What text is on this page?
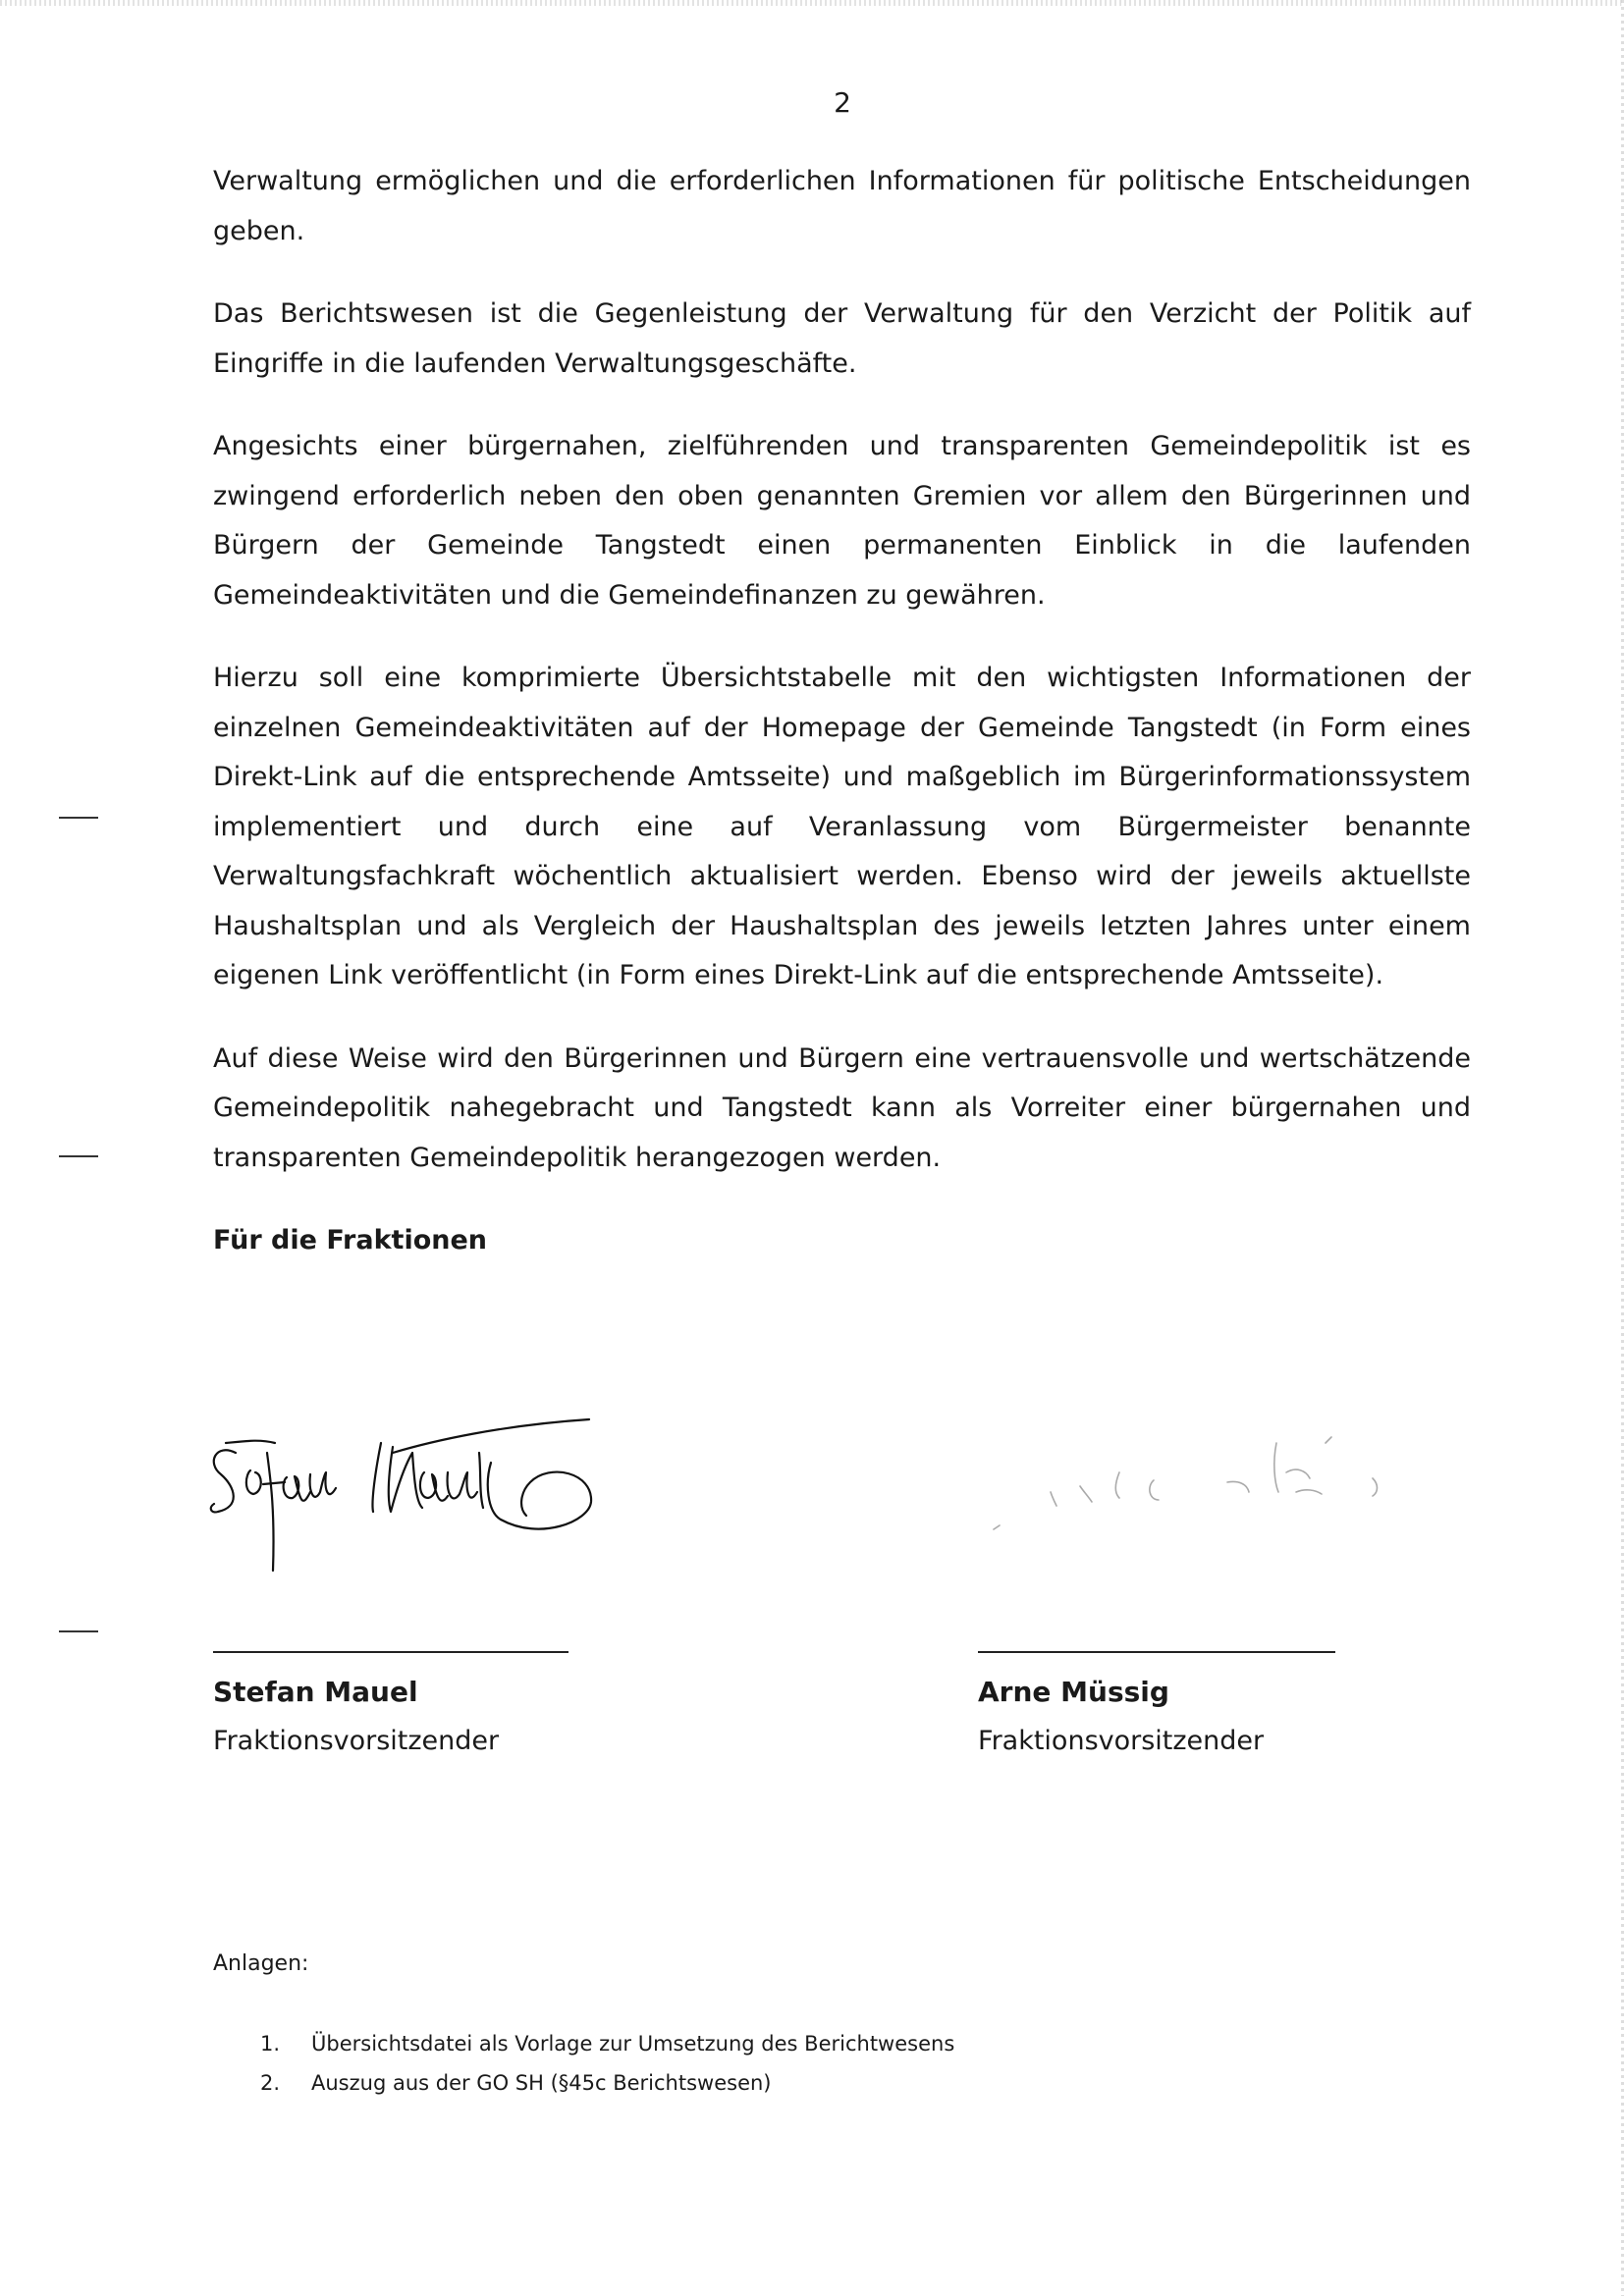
2

Verwaltung ermöglichen und die erforderlichen Informationen für politische Entscheidungen geben.

Das Berichtswesen ist die Gegenleistung der Verwaltung für den Verzicht der Politik auf Eingriffe in die laufenden Verwaltungsgeschäfte.

Angesichts einer bürgernahen, zielführenden und transparenten Gemeindepolitik ist es zwingend erforderlich neben den oben genannten Gremien vor allem den Bürgerinnen und Bürgern der Gemeinde Tangstedt einen permanenten Einblick in die laufenden Gemeindeaktivitäten und die Gemeindefinanzen zu gewähren.

Hierzu soll eine komprimierte Übersichtstabelle mit den wichtigsten Informationen der einzelnen Gemeindeaktivitäten auf der Homepage der Gemeinde Tangstedt (in Form eines Direkt-Link auf die entsprechende Amtsseite) und maßgeblich im Bürgerinformationssystem implementiert und durch eine auf Veranlassung vom Bürgermeister benannte Verwaltungsfachkraft wöchentlich aktualisiert werden. Ebenso wird der jeweils aktuellste Haushaltsplan und als Vergleich der Haushaltsplan des jeweils letzten Jahres unter einem eigenen Link veröffentlicht (in Form eines Direkt-Link auf die entsprechende Amtsseite).

Auf diese Weise wird den Bürgerinnen und Bürgern eine vertrauensvolle und wertschätzende Gemeindepolitik nahegebracht und Tangstedt kann als Vorreiter einer bürgernahen und transparenten Gemeindepolitik herangezogen werden.

Für die Fraktionen

Stefan Mauel
Fraktionsvorsitzender
Arne Müssig
Fraktionsvorsitzender
Anlagen:
1. Übersichtsdatei als Vorlage zur Umsetzung des Berichtwesens
2. Auszug aus der GO SH (§45c Berichtswesen)
